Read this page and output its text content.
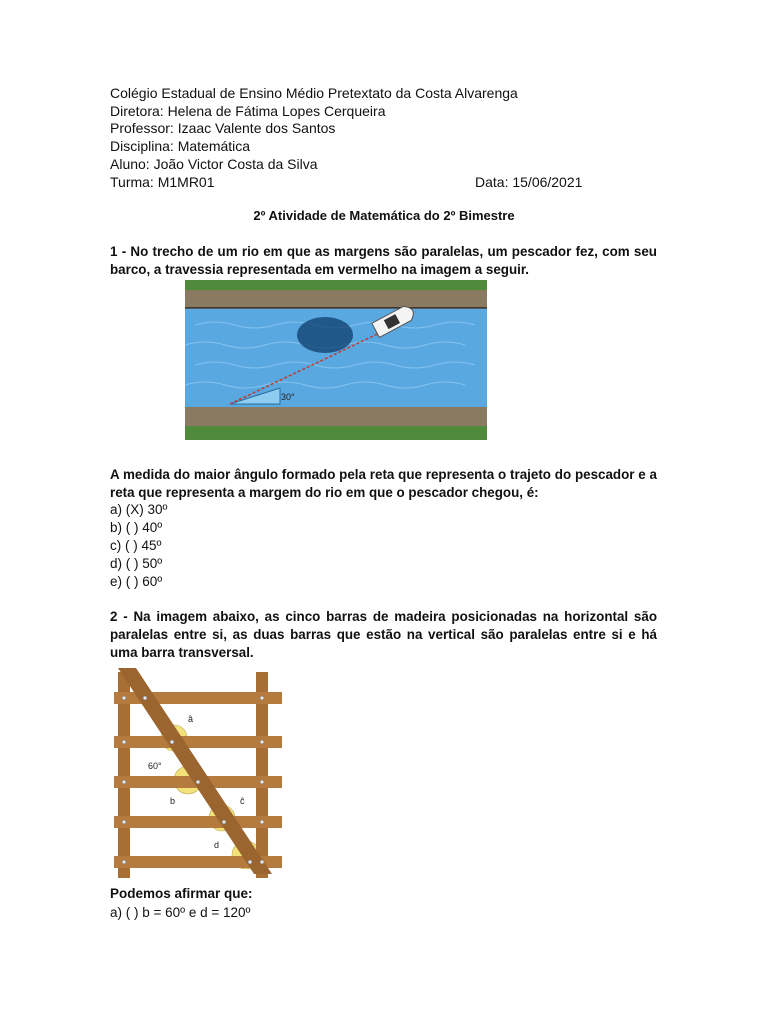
Colégio Estadual de Ensino Médio Pretextato da Costa Alvarenga
Diretora: Helena de Fátima Lopes Cerqueira
Professor: Izaac Valente dos Santos
Disciplina: Matemática
Aluno: João Victor Costa da Silva
Turma: M1MR01	Data: 15/06/2021
2º Atividade de Matemática do 2º Bimestre
1 - No trecho de um rio em que as margens são paralelas, um pescador fez, com seu barco, a travessia representada em vermelho na imagem a seguir.
30°
A medida do maior ângulo formado pela reta que representa o trajeto do pescador e a reta que representa a margem do rio em que o pescador chegou, é:
a) (X) 30º
b) ( ) 40º
c) ( ) 45º
d) ( ) 50º
e) ( ) 60º
2 - Na imagem abaixo, as cinco barras de madeira posicionadas na horizontal são paralelas entre si, as duas barras que estão na vertical são paralelas entre si e há uma barra transversal.
â
60°
b	ĉ
d
Podemos afirmar que:
a) ( ) b = 60º e d = 120º
